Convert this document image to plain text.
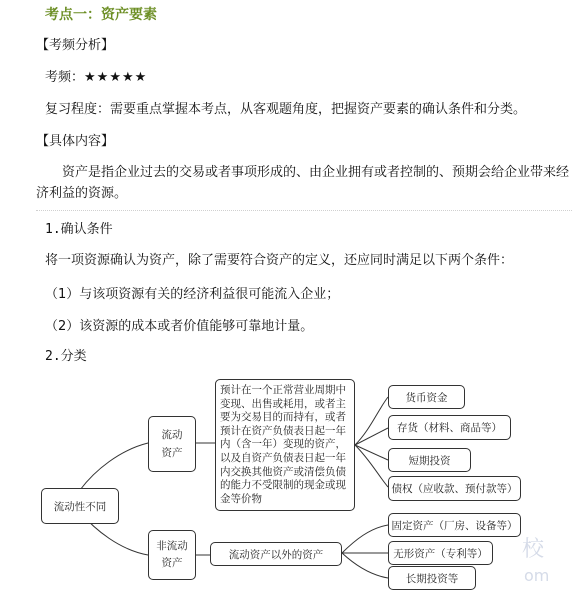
考点一：资产要素
【考频分析】
考频：★★★★★
复习程度：需要重点掌握本考点，从客观题角度，把握资产要素的确认条件和分类。
【具体内容】
资产是指企业过去的交易或者事项形成的、由企业拥有或者控制的、预期会给企业带来经济利益的资源。
1.确认条件
将一项资源确认为资产，除了需要符合资产的定义，还应同时满足以下两个条件：
（1）与该项资源有关的经济利益很可能流入企业；
（2）该资源的成本或者价值能够可靠地计量。
2.分类
流动性不同
流动
资产
预计在一个正常营业周期中变现、出售或耗用，或者主要为交易目的而持有，或者预计在资产负债表日起一年内（含一年）变现的资产，以及自资产负债表日起一年内交换其他资产或清偿负债的能力不受限制的现金或现金等价物
货币资金
存货（材料、商品等）
短期投资
债权（应收款、预付款等）
非流动
资产
流动资产以外的资产
固定资产（厂房、设备等）
无形资产（专利等）
长期投资等
校
om
